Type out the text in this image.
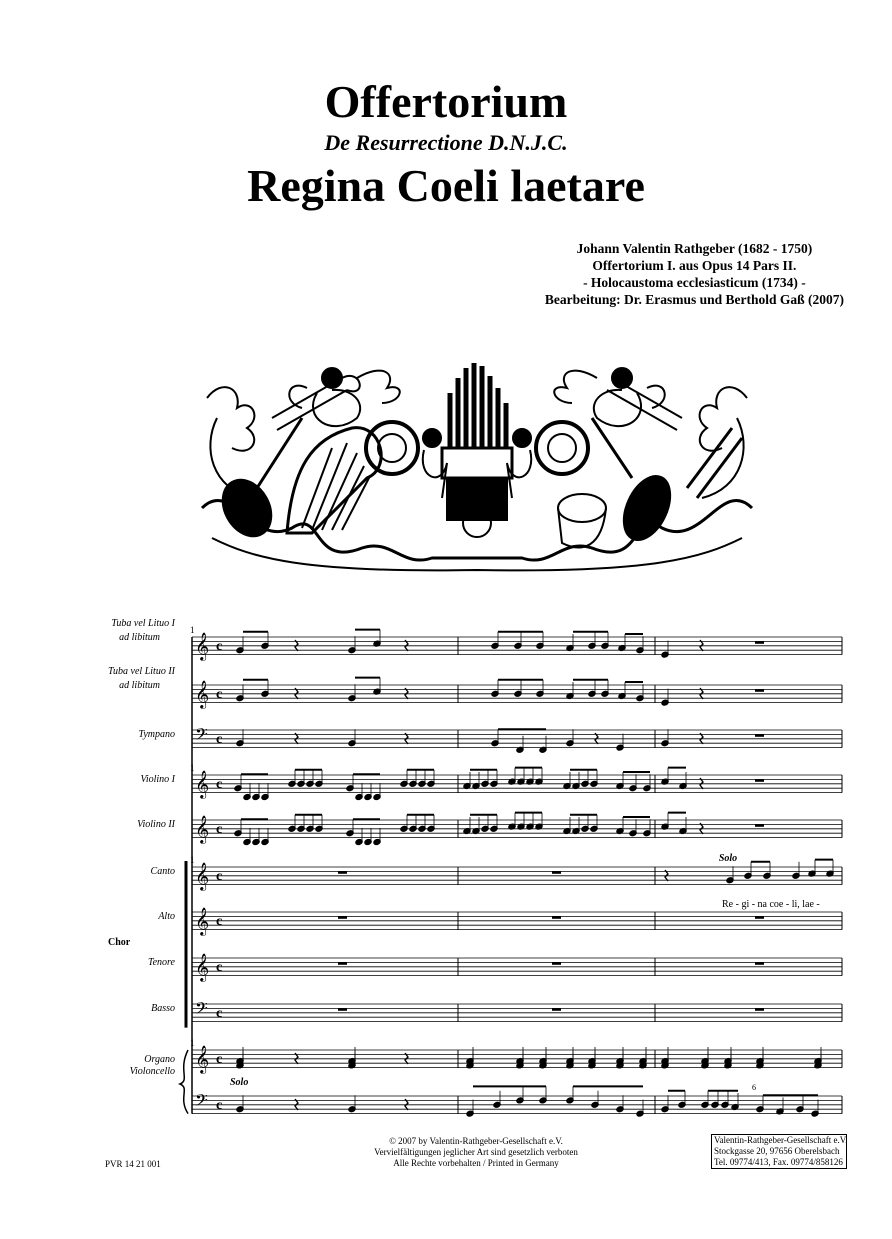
Offertorium
De Resurrectione D.N.J.C.
Regina Coeli laetare
Johann Valentin Rathgeber (1682 - 1750)
Offertorium I. aus Opus 14 Pars II.
- Holocaustoma ecclesiasticum (1734) -
Bearbeitung: Dr. Erasmus und Berthold Gaß (2007)
𝄞 c
𝄞 c
𝄢 c
𝄞 c
𝄞 c
𝄞 c
𝄞 c
𝄞 c
𝄢 c
𝄞 c
𝄢 c
1
1
1
1
Tuba vel Lituo I
ad libitum
Tuba vel Lituo II
ad libitum
Tympano
Violino I
Violino II
Canto
Alto
Tenore
Basso
Organo
Violoncello
Chor
Solo
Re - gi - na coe - li, lae -
Solo	6
PVR 14 21 001
© 2007 by Valentin-Rathgeber-Gesellschaft e.V.
Vervielfältigungen jeglicher Art sind gesetzlich verboten
Alle Rechte vorbehalten / Printed in Germany
Valentin-Rathgeber-Gesellschaft e.V.
Stockgasse 20, 97656 Oberelsbach
Tel. 09774/413, Fax. 09774/858126
